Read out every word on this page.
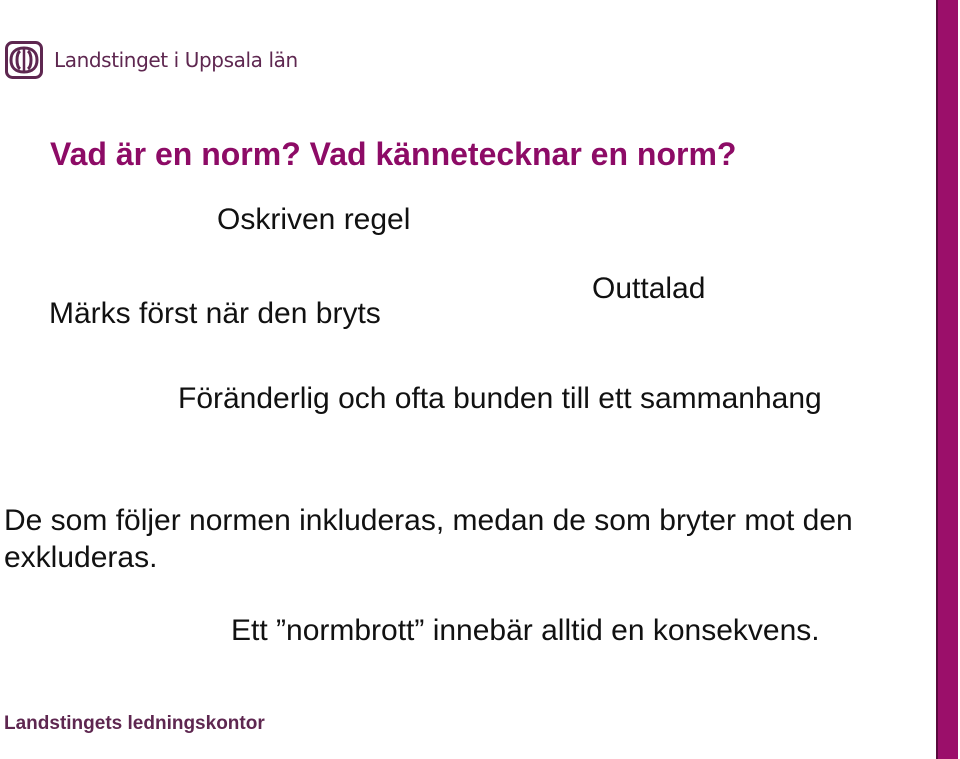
Landstinget i Uppsala län
Vad är en norm? Vad kännetecknar en norm?

Oskriven regel

Outtalad

Märks först när den bryts

Föränderlig och ofta bunden till ett sammanhang

De som följer normen inkluderas, medan de som bryter mot den exkluderas.

Ett ”normbrott” innebär alltid en konsekvens.

Landstingets ledningskontor
